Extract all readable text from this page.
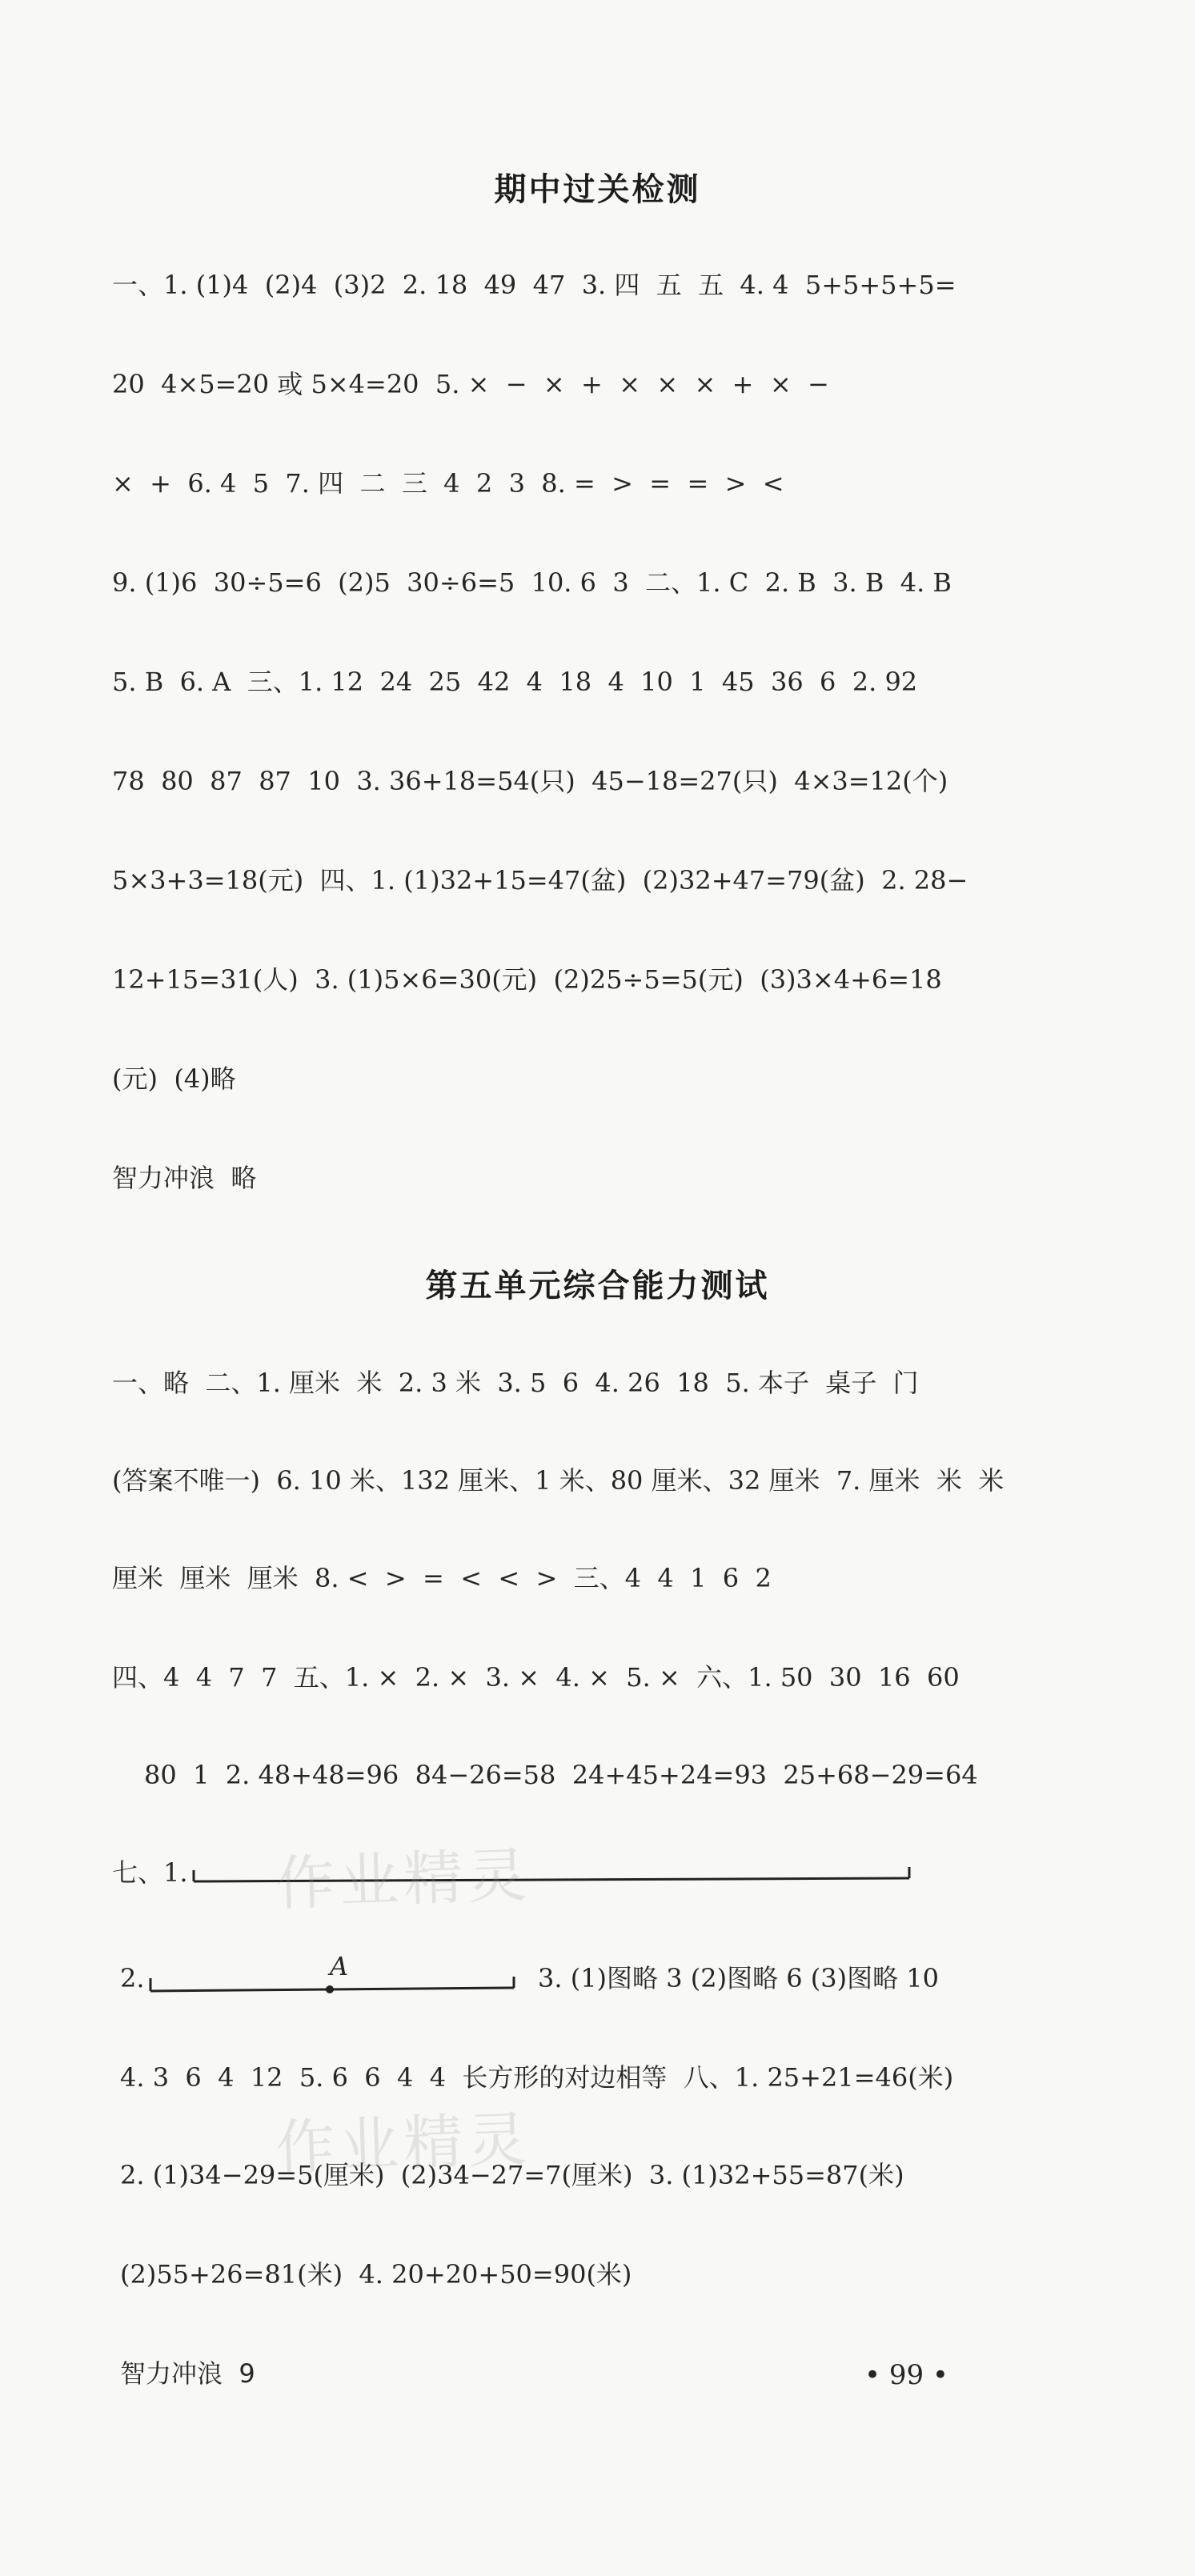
期中过关检测
一、1. (1)4  (2)4  (3)2  2. 18  49  47  3. 四  五  五  4. 4  5+5+5+5=
20  4×5=20 或 5×4=20  5. ×  −  ×  +  ×  ×  ×  +  ×  −
×  +  6. 4  5  7. 四  二  三  4  2  3  8. =  >  =  =  >  <
9. (1)6  30÷5=6  (2)5  30÷6=5  10. 6  3  二、1. C  2. B  3. B  4. B
5. B  6. A  三、1. 12  24  25  42  4  18  4  10  1  45  36  6  2. 92
78  80  87  87  10  3. 36+18=54(只)  45−18=27(只)  4×3=12(个)
5×3+3=18(元)  四、1. (1)32+15=47(盆)  (2)32+47=79(盆)  2. 28−
12+15=31(人)  3. (1)5×6=30(元)  (2)25÷5=5(元)  (3)3×4+6=18
(元)  (4)略
智力冲浪  略
第五单元综合能力测试
一、略  二、1. 厘米  米  2. 3 米  3. 5  6  4. 26  18  5. 本子  桌子  门
(答案不唯一)  6. 10 米、132 厘米、1 米、80 厘米、32 厘米  7. 厘米  米  米
厘米  厘米  厘米  8. <  >  =  <  <  >  三、4  4  1  6  2
四、4  4  7  7  五、1. ×  2. ×  3. ×  4. ×  5. ×  六、1. 50  30  16  60
80  1  2. 48+48=96  84−26=58  24+45+24=93  25+68−29=64
七、1.
2.	A	3. (1)图略 3 (2)图略 6 (3)图略 10
4. 3  6  4  12  5. 6  6  4  4  长方形的对边相等  八、1. 25+21=46(米)
2. (1)34−29=5(厘米)  (2)34−27=7(厘米)  3. (1)32+55=87(米)
(2)55+26=81(米)  4. 20+20+50=90(米)
智力冲浪  9
作业精灵
作业精灵
• 99 •
